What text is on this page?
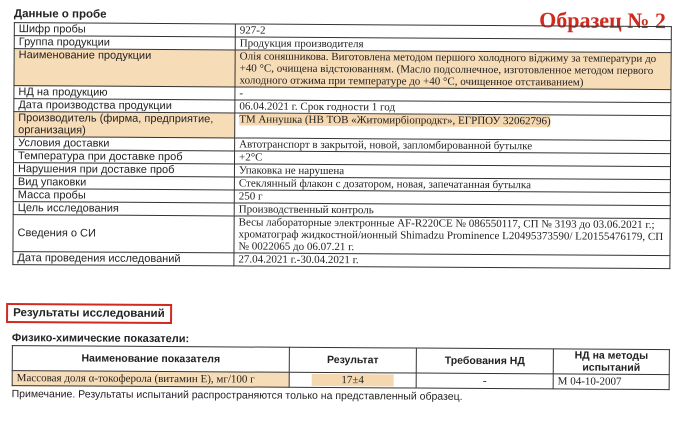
Данные о пробе	Образец № 2
Шифр пробы	927-2
Группа продукции	Продукция производителя
Наименование продукции	Олія соняшникова. Виготовлена методом першого холодного віджиму за температури до +40 °С, очищена відстоюванням. (Масло подсолнечное, изготовленное методом первого холодного отжима при температуре до +40 °С, очищенное отстаиванием)
НД на продукцию	-
Дата производства продукции	06.04.2021 г. Срок годности 1 год
Производитель (фирма, предприятие, организация)	ТМ Аннушка (НВ ТОВ «Житомирбіопродкт», ЕГРПОУ 32062796)
Условия доставки	Автотранспорт в закрытой, новой, запломбированной бутылке
Температура при доставке проб	+2°С
Нарушения при доставке проб	Упаковка не нарушена
Вид упаковки	Стеклянный флакон с дозатором, новая, запечатанная бутылка
Масса пробы	250 г
Цель исследования	Производственный контроль
Сведения о СИ	Весы лабораторные электронные AF-R220CE № 086550117, СП № 3193 до 03.06.2021 г.; хроматограф жидкостной/ионный Shimadzu Prominence L20495373590/ L20155476179, СП № 0022065 до 06.07.21 г.
Дата проведения исследований	27.04.2021 г.-30.04.2021 г.
Результаты исследований
Физико-химические показатели:
Наименование показателя	Результат	Требования НД	НД на методы испытаний
Массовая доля α-токоферола (витамин Е), мг/100 г	17±4	-	М 04-10-2007
Примечание. Результаты испытаний распространяются только на представленный образец.
